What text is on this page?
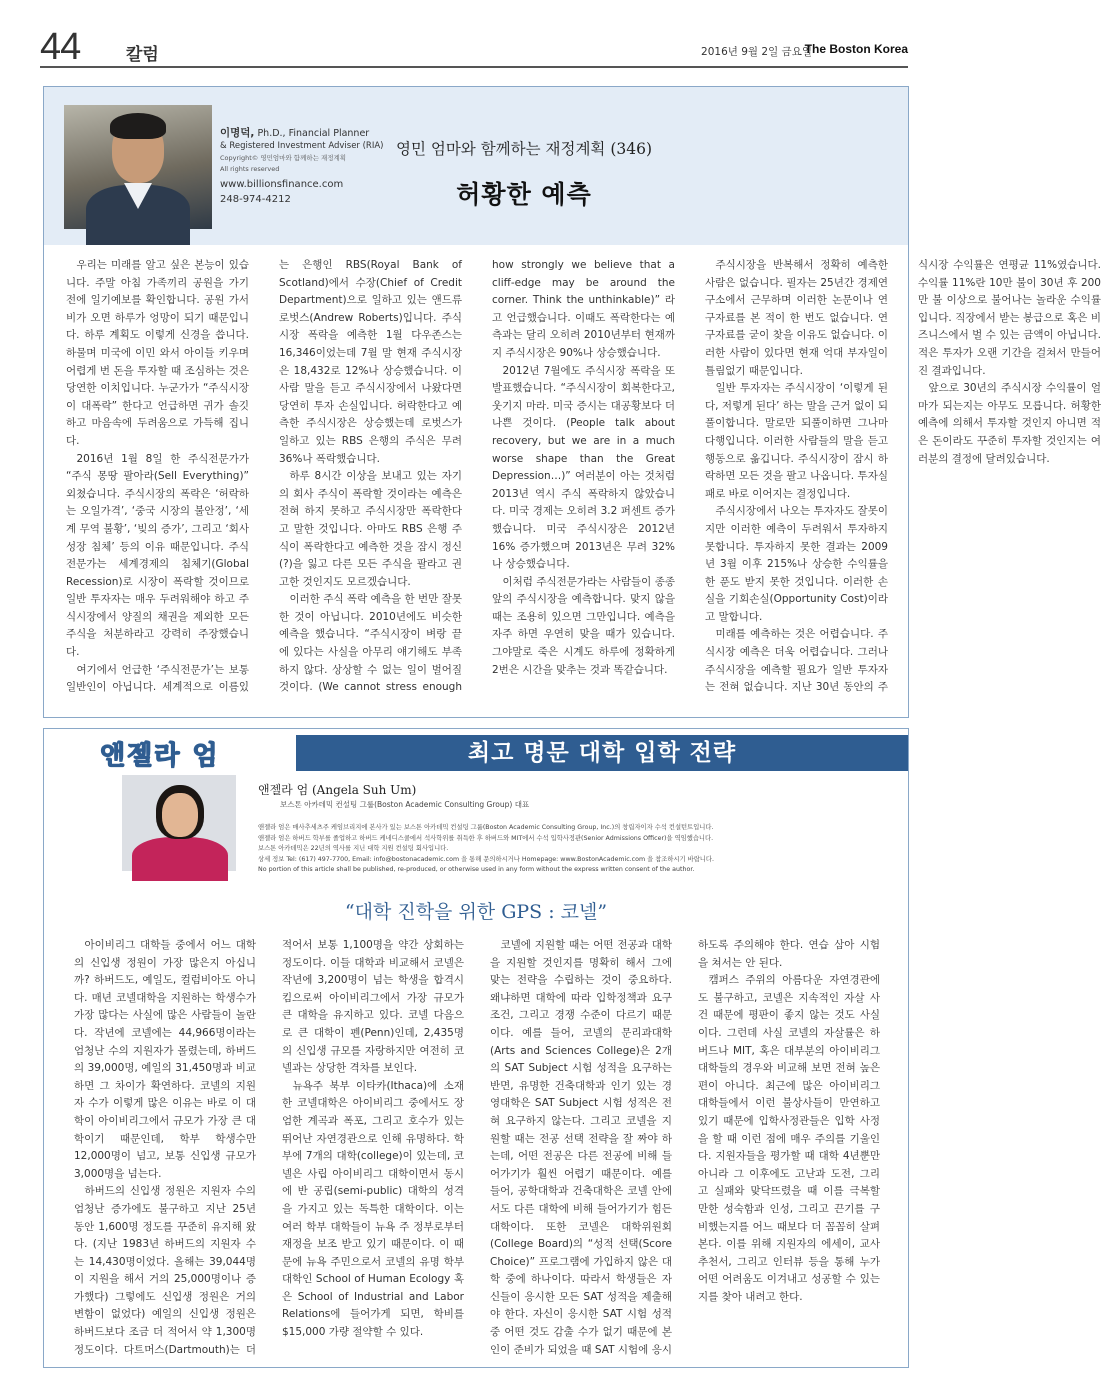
44	칼럼	2016년 9월 2일 금요일
The Boston Korea
이명덕, Ph.D., Financial Planner
& Registered Investment Adviser (RIA)
Copyright© 영민엄마와 함께하는 재정계획
All rights reserved
www.billionsfinance.com
248-974-4212
영민 엄마와 함께하는 재정계획 (346)
허황한 예측

우리는 미래를 알고 싶은 본능이 있습니다. 주말 아침 가족끼리 공원을 가기 전에 일기예보를 확인합니다. 공원 가서 비가 오면 하루가 엉망이 되기 때문입니다. 하루 계획도 이렇게 신경을 씁니다. 하물며 미국에 이민 와서 아이들 키우며 어렵게 번 돈을 투자할 때 조심하는 것은 당연한 이치입니다. 누군가가 “주식시장이 대폭락” 한다고 언급하면 귀가 솔깃하고 마음속에 두려움으로 가득해 집니다.

2016년 1월 8일 한 주식전문가가 “주식 몽땅 팔아라(Sell Everything)” 외쳤습니다. 주식시장의 폭락은 ‘허락하는 오일가격’, ‘중국 시장의 불안정’, ‘세계 무역 불황’, ‘빚의 증가’, 그리고 ‘회사성장 침체’ 등의 이유 때문입니다. 주식전문가는 세계경제의 침체기(Global Recession)로 시장이 폭락할 것이므로 일반 투자자는 매우 두려워해야 하고 주식시장에서 양질의 채권을 제외한 모든 주식을 처분하라고 강력히 주장했습니다.

여기에서 언급한 ‘주식전문가’는 보통 일반인이 아닙니다. 세계적으로 이름있는 은행인 RBS(Royal Bank of Scotland)에서 수장(Chief of Credit Department)으로 일하고 있는 앤드류 로벗스(Andrew Roberts)입니다. 주식시장 폭락을 예측한 1월 다우존스는 16,346이었는데 7월 말 현재 주식시장은 18,432로 12%나 상승했습니다. 이 사람 말을 듣고 주식시장에서 나왔다면 당연히 투자 손실입니다. 허락한다고 예측한 주식시장은 상승했는데 로벗스가 일하고 있는 RBS 은행의 주식은 무려 36%나 폭락했습니다.

하루 8시간 이상을 보내고 있는 자기의 회사 주식이 폭락할 것이라는 예측은 전혀 하지 못하고 주식시장만 폭락한다고 말한 것입니다. 아마도 RBS 은행 주식이 폭락한다고 예측한 것을 잠시 정신(?)을 잃고 다른 모든 주식을 팔라고 권고한 것인지도 모르겠습니다.

이러한 주식 폭락 예측을 한 번만 잘못한 것이 아닙니다. 2010년에도 비슷한 예측을 했습니다. “주식시장이 벼랑 끝에 있다는 사실을 아무리 얘기해도 부족하지 않다. 상상할 수 없는 일이 벌어질 것이다. (We cannot stress enough how strongly we believe that a cliff-edge may be around the corner. Think the unthinkable)” 라고 언급했습니다. 이때도 폭락한다는 예측과는 달리 오히려 2010년부터 현재까지 주식시장은 90%나 상승했습니다.

2012년 7월에도 주식시장 폭락을 또 발표했습니다. “주식시장이 회복한다고, 웃기지 마라. 미국 증시는 대공황보다 더 나쁜 것이다. (People talk about recovery, but we are in a much worse shape than the Great Depression…)” 여러분이 아는 것처럼 2013년 역시 주식 폭락하지 않았습니다. 미국 경제는 오히려 3.2 퍼센트 증가했습니다. 미국 주식시장은 2012년 16% 증가했으며 2013년은 무려 32%나 상승했습니다.

이처럼 주식전문가라는 사람들이 종종 앞의 주식시장을 예측합니다. 맞지 않을 때는 조용히 있으면 그만입니다. 예측을 자주 하면 우연히 맞을 때가 있습니다. 그야말로 죽은 시계도 하루에 정확하게 2번은 시간을 맞추는 것과 똑같습니다.

주식시장을 반복해서 정확히 예측한 사람은 없습니다. 필자는 25년간 경제연구소에서 근무하며 이러한 논문이나 연구자료를 본 적이 한 번도 없습니다. 연구자료를 굳이 찾을 이유도 없습니다. 이러한 사람이 있다면 현재 억대 부자일이 틀림없기 때문입니다.

일반 투자자는 주식시장이 ‘이렇게 된다, 저렇게 된다’ 하는 말을 근거 없이 되풀이합니다. 말로만 되풀이하면 그나마 다행입니다. 이러한 사람들의 말을 듣고 행동으로 옮깁니다. 주식시장이 잠시 하락하면 모든 것을 팔고 나옵니다. 투자실패로 바로 이어지는 결정입니다.

주식시장에서 나오는 투자자도 잘못이지만 이러한 예측이 두려워서 투자하지 못합니다. 투자하지 못한 결과는 2009년 3월 이후 215%나 상승한 수익률을 한 푼도 받지 못한 것입니다. 이러한 손실을 기회손실(Opportunity Cost)이라고 말합니다.

미래를 예측하는 것은 어렵습니다. 주식시장 예측은 더욱 어렵습니다. 그러나 주식시장을 예측할 필요가 일반 투자자는 전혀 없습니다. 지난 30년 동안의 주식시장 수익률은 연평균 11%였습니다. 수익률 11%란 10만 불이 30년 후 200만 불 이상으로 불어나는 놀라운 수익률입니다. 직장에서 받는 봉급으로 혹은 비즈니스에서 벌 수 있는 금액이 아닙니다. 적은 투자가 오랜 기간을 걸쳐서 만들어진 결과입니다.

앞으로 30년의 주식시장 수익률이 얼마가 되는지는 아무도 모릅니다. 허황한 예측에 의해서 투자할 것인지 아니면 적은 돈이라도 꾸준히 투자할 것인지는 여러분의 결정에 달려있습니다.

앤젤라 엄	최고 명문 대학 입학 전략
앤젤라 엄 (Angela Suh Um)
보스톤 아카데믹 컨설팅 그룹(Boston Academic Consulting Group) 대표
앤젤라 엄은 매사추세츠주 케임브리지에 본사가 있는 보스톤 아카데믹 컨설팅 그룹(Boston Academic Consulting Group, Inc.)의 창립자이자 수석 컨설턴트입니다.
앤젤라 엄은 하버드 학부를 졸업하고 하버드 케네디스쿨에서 석사학위를 취득한 후 하버드와 MIT에서 수석 입학사정관(Senior Admissions Officer)을 역임했습니다.
보스톤 아카데믹은 22년의 역사를 지닌 대학 지원 컨설팅 회사입니다.
상세 정보 Tel: (617) 497-7700, Email: info@bostonacademic.com 을 통해 문의하시거나 Homepage: www.BostonAcademic.com 을 참조하시기 바랍니다.
No portion of this article shall be published, re-produced, or otherwise used in any form without the express written consent of the author.
“대학 진학을 위한 GPS : 코넬”

아이비리그 대학들 중에서 어느 대학의 신입생 정원이 가장 많은지 아십니까? 하버드도, 예일도, 컬럼비아도 아니다. 매년 코넬대학을 지원하는 학생수가 가장 많다는 사실에 많은 사람들이 놀란다. 작년에 코넬에는 44,966명이라는 엄청난 수의 지원자가 몰렸는데, 하버드의 39,000명, 예일의 31,450명과 비교하면 그 차이가 확연하다. 코넬의 지원자 수가 이렇게 많은 이유는 바로 이 대학이 아이비리그에서 규모가 가장 큰 대학이기 때문인데, 학부 학생수만 12,000명이 넘고, 보통 신입생 규모가 3,000명을 넘는다.

하버드의 신입생 정원은 지원자 수의 엄청난 증가에도 불구하고 지난 25년 동안 1,600명 정도를 꾸준히 유지해 왔다. (지난 1983년 하버드의 지원자 수는 14,430명이었다. 올해는 39,044명이 지원을 해서 거의 25,000명이나 증가했다) 그렇에도 신입생 정원은 거의 변함이 없었다) 예일의 신입생 정원은 하버드보다 조금 더 적어서 약 1,300명 정도이다. 다트머스(Dartmouth)는 더 적어서 보통 1,100명을 약간 상회하는 정도이다. 이들 대학과 비교해서 코넬은 작년에 3,200명이 넘는 학생을 합격시킴으로써 아이비리그에서 가장 규모가 큰 대학을 유지하고 있다. 코넬 다음으로 큰 대학이 펜(Penn)인데, 2,435명의 신입생 규모를 자랑하지만 여전히 코넬과는 상당한 격차를 보인다.

뉴욕주 북부 이타카(Ithaca)에 소재한 코넬대학은 아이비리그 중에서도 장엄한 계곡과 폭포, 그리고 호수가 있는 뛰어난 자연경관으로 인해 유명하다. 학부에 7개의 대학(college)이 있는데, 코넬은 사립 아이비리그 대학이면서 동시에 반 공립(semi-public) 대학의 성격을 가지고 있는 독특한 대학이다. 이는 여러 학부 대학들이 뉴욕 주 정부로부터 재정을 보조 받고 있기 때문이다. 이 때문에 뉴욕 주민으로서 코넬의 유명 학부 대학인 School of Human Ecology 혹은 School of Industrial and Labor Relations에 들어가게 되면, 학비를 $15,000 가량 절약할 수 있다.

코넬에 지원할 때는 어떤 전공과 대학을 지원할 것인지를 명확히 해서 그에 맞는 전략을 수립하는 것이 중요하다. 왜냐하면 대학에 따라 입학정책과 요구 조건, 그리고 경쟁 수준이 다르기 때문이다. 예를 들어, 코넬의 문리과대학(Arts and Sciences College)은 2개의 SAT Subject 시험 성적을 요구하는 반면, 유명한 건축대학과 인기 있는 경영대학은 SAT Subject 시험 성적은 전혀 요구하지 않는다. 그리고 코넬을 지원할 때는 전공 선택 전략을 잘 짜야 하는데, 어떤 전공은 다른 전공에 비해 들어가기가 훨씬 어렵기 때문이다. 예를 들어, 공학대학과 건축대학은 코넬 안에서도 다른 대학에 비해 들어가기가 힘든 대학이다. 또한 코넬은 대학위원회(College Board)의 “성적 선택(Score Choice)” 프로그램에 가입하지 않은 대학 중에 하나이다. 따라서 학생들은 자신들이 응시한 모든 SAT 성적을 제출해야 한다. 자신이 응시한 SAT 시험 성적 중 어떤 것도 감출 수가 없기 때문에 본인이 준비가 되었을 때 SAT 시험에 응시하도록 주의해야 한다. 연습 삼아 시험을 쳐서는 안 된다.

캠퍼스 주위의 아름다운 자연경관에도 불구하고, 코넬은 지속적인 자살 사건 때문에 평판이 좋지 않는 것도 사실이다. 그런데 사실 코넬의 자살률은 하버드나 MIT, 혹은 대부분의 아이비리그 대학들의 경우와 비교해 보면 전혀 높은 편이 아니다. 최근에 많은 아이비리그 대학들에서 이런 불상사들이 만연하고 있기 때문에 입학사정관들은 입학 사정을 할 때 이런 점에 매우 주의를 기울인다. 지원자들을 평가할 때 대학 4년뿐만 아니라 그 이후에도 고난과 도전, 그리고 실패와 맞닥뜨렸을 때 이를 극복할 만한 성숙함과 인성, 그리고 끈기를 구비했는지를 어느 때보다 더 꼼꼼히 살펴 본다. 이를 위해 지원자의 에세이, 교사 추천서, 그리고 인터뷰 등을 통해 누가 어떤 어려움도 이겨내고 성공할 수 있는지를 찾아 내려고 한다.
